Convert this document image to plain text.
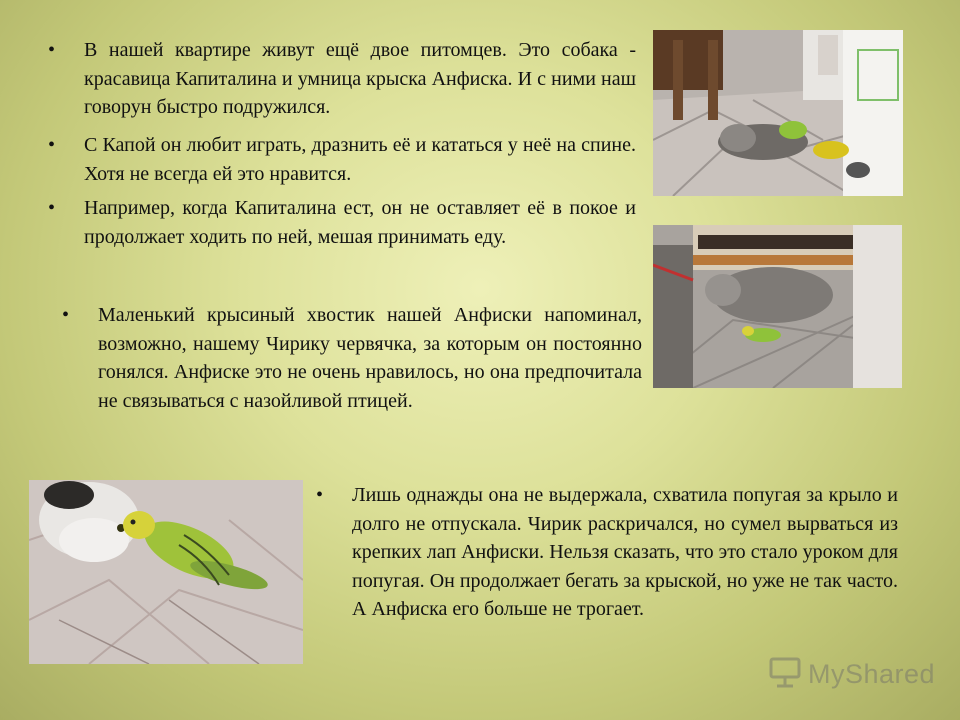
• В нашей квартире живут ещё двое питомцев. Это собака - красавица Капиталина и умница крыска Анфиска. И с ними наш говорун быстро подружился.
• С Капой он любит играть, дразнить её и кататься у неё на спине. Хотя не всегда ей это нравится.
• Например, когда Капиталина ест, он не оставляет её в покое и продолжает ходить по ней, мешая принимать еду.
• Маленький крысиный хвостик нашей Анфиски напоминал, возможно, нашему Чирику червячка, за которым он постоянно гонялся. Анфиске это не очень нравилось, но она предпочитала не связываться с назойливой птицей.
• Лишь однажды она не выдержала, схватила попугая за крыло и долго не отпускала. Чирик раскричался, но сумел вырваться из крепких лап Анфиски. Нельзя сказать, что это стало уроком для попугая. Он продолжает бегать за крыской, но уже не так часто. А Анфиска его больше не трогает.
MyShared
